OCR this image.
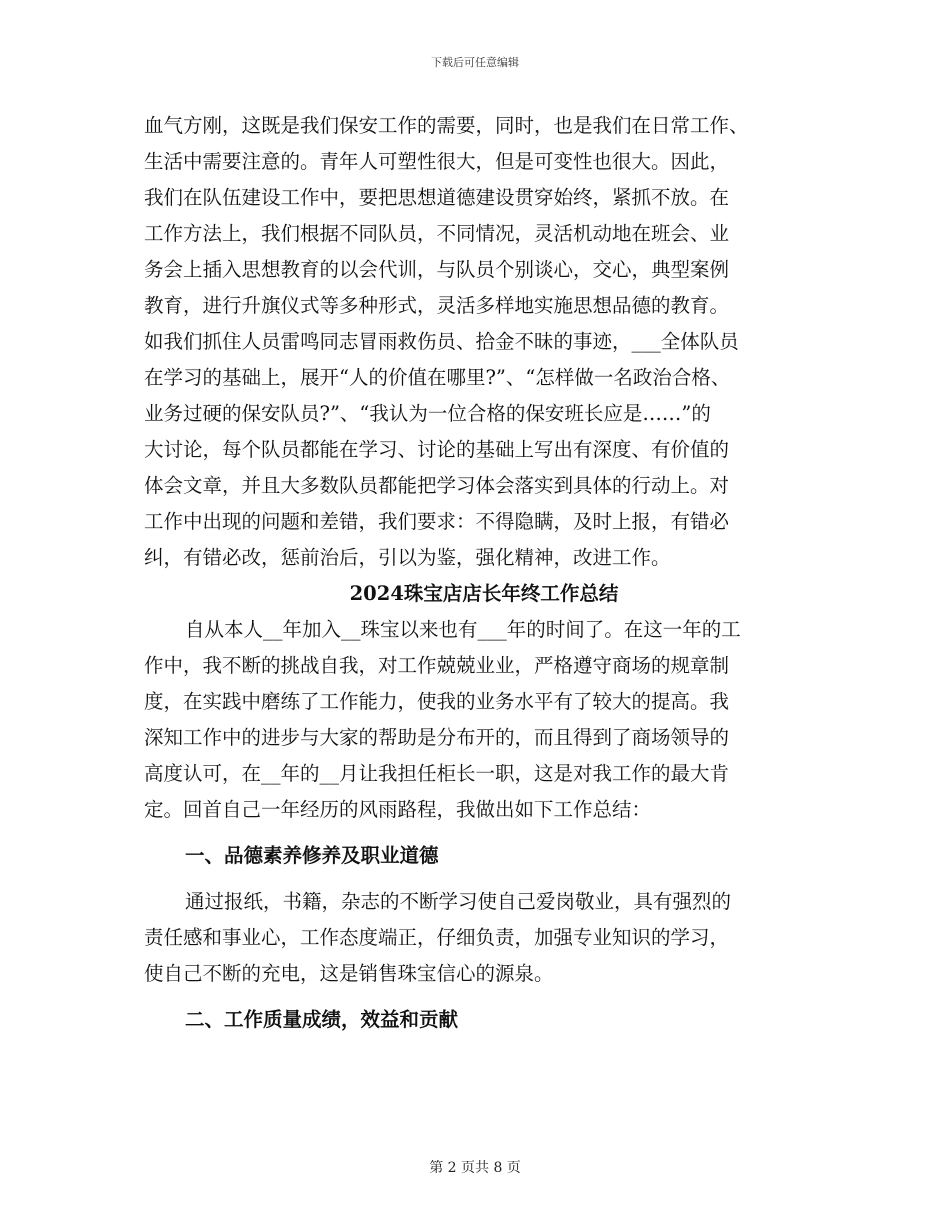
下载后可任意编辑
血气方刚，这既是我们保安工作的需要，同时，也是我们在日常工作、
生活中需要注意的。青年人可塑性很大，但是可变性也很大。因此，
我们在队伍建设工作中，要把思想道德建设贯穿始终，紧抓不放。在
工作方法上，我们根据不同队员，不同情况，灵活机动地在班会、业
务会上插入思想教育的以会代训，与队员个别谈心，交心，典型案例
教育，进行升旗仪式等多种形式，灵活多样地实施思想品德的教育。
如我们抓住人员雷鸣同志冒雨救伤员、拾金不昧的事迹，___全体队员
在学习的基础上，展开“人的价值在哪里?”、“怎样做一名政治合格、
业务过硬的保安队员?”、“我认为一位合格的保安班长应是……”的
大讨论，每个队员都能在学习、讨论的基础上写出有深度、有价值的
体会文章，并且大多数队员都能把学习体会落实到具体的行动上。对
工作中出现的问题和差错，我们要求：不得隐瞒，及时上报，有错必
纠，有错必改，惩前治后，引以为鉴，强化精神，改进工作。
2024珠宝店店长年终工作总结
自从本人__年加入__珠宝以来也有___年的时间了。在这一年的工
作中，我不断的挑战自我，对工作兢兢业业，严格遵守商场的规章制
度，在实践中磨练了工作能力，使我的业务水平有了较大的提高。我
深知工作中的进步与大家的帮助是分布开的，而且得到了商场领导的
高度认可，在__年的__月让我担任柜长一职，这是对我工作的最大肯
定。回首自己一年经历的风雨路程，我做出如下工作总结：
一、品德素养修养及职业道德
通过报纸，书籍，杂志的不断学习使自己爱岗敬业，具有强烈的
责任感和事业心，工作态度端正，仔细负责，加强专业知识的学习，
使自己不断的充电，这是销售珠宝信心的源泉。
二、工作质量成绩，效益和贡献
第 2 页共 8 页
